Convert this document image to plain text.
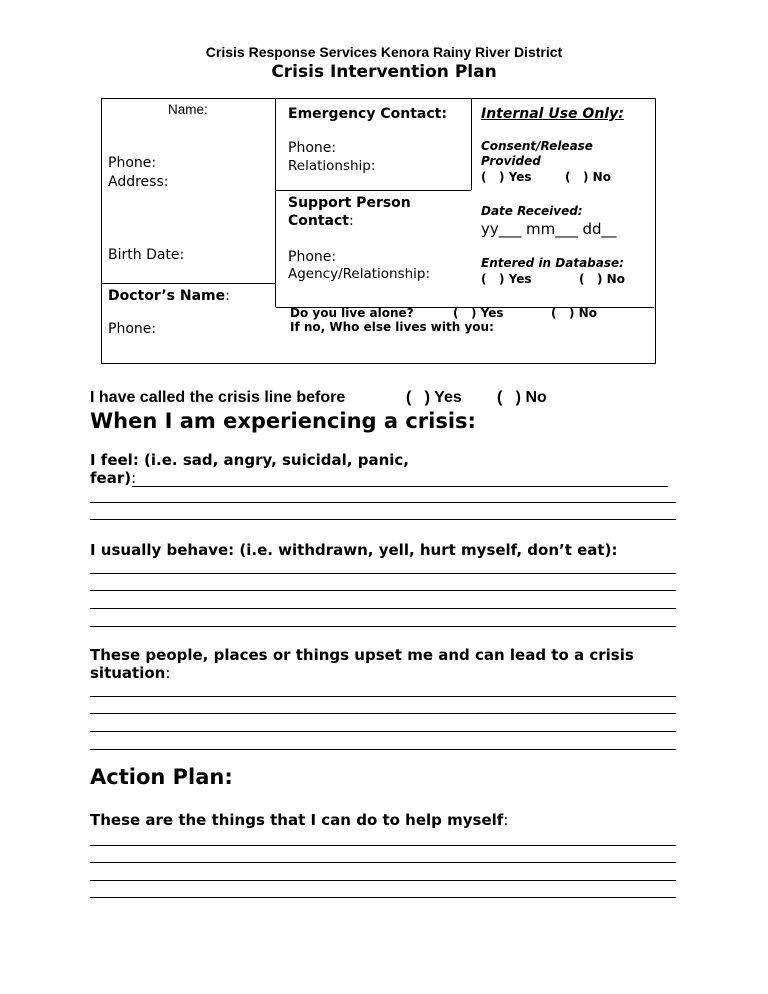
Crisis Response Services Kenora Rainy River District
Crisis Intervention Plan
Name:
Phone:
Address:
Birth Date:
Doctor’s Name:
Phone:
Emergency Contact:
Phone:
Relationship:
Support Person
Contact:
Phone:
Agency/Relationship:
Internal Use Only:
Consent/Release
Provided
(   ) Yes	(   ) No
Date Received:
yy___ mm___ dd__
Entered in Database:
(   ) Yes	(   ) No
Do you live alone?	(   ) Yes	(   ) No
If no, Who else lives with you:
I have called the crisis line before	(   ) Yes (   ) No
When I am experiencing a crisis:
I feel: (i.e. sad, angry, suicidal, panic,
fear):
I usually behave: (i.e. withdrawn, yell, hurt myself, don’t eat):
These people, places or things upset me and can lead to a crisis
situation:
Action Plan:
These are the things that I can do to help myself:
